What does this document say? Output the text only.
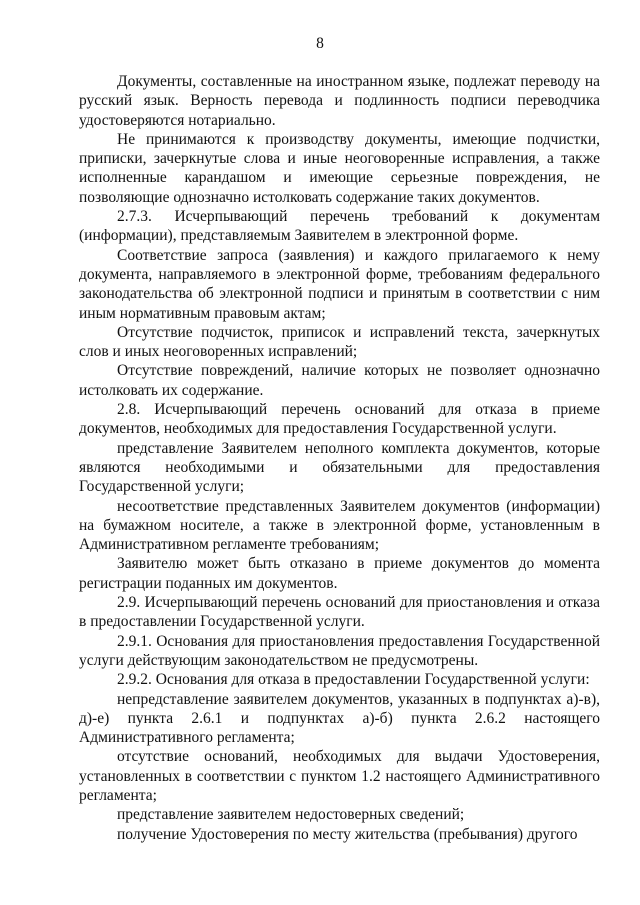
8

Документы, составленные на иностранном языке, подлежат переводу на русский язык. Верность перевода и подлинность подписи переводчика удостоверяются нотариально.

Не принимаются к производству документы, имеющие подчистки, приписки, зачеркнутые слова и иные неоговоренные исправления, а также исполненные карандашом и имеющие серьезные повреждения, не позволяющие однозначно истолковать содержание таких документов.

2.7.3. Исчерпывающий перечень требований к документам (информации), представляемым Заявителем в электронной форме.

Соответствие запроса (заявления) и каждого прилагаемого к нему документа, направляемого в электронной форме, требованиям федерального законодательства об электронной подписи и принятым в соответствии с ним иным нормативным правовым актам;

Отсутствие подчисток, приписок и исправлений текста, зачеркнутых слов и иных неоговоренных исправлений;

Отсутствие повреждений, наличие которых не позволяет однозначно истолковать их содержание.

2.8. Исчерпывающий перечень оснований для отказа в приеме документов, необходимых для предоставления Государственной услуги.

представление Заявителем неполного комплекта документов, которые являются необходимыми и обязательными для предоставления Государственной услуги;

несоответствие представленных Заявителем документов (информации) на бумажном носителе, а также в электронной форме, установленным в Административном регламенте требованиям;

Заявителю может быть отказано в приеме документов до момента регистрации поданных им документов.

2.9. Исчерпывающий перечень оснований для приостановления и отказа в предоставлении Государственной услуги.

2.9.1. Основания для приостановления предоставления Государственной услуги действующим законодательством не предусмотрены.

2.9.2. Основания для отказа в предоставлении Государственной услуги:

непредставление заявителем документов, указанных в подпунктах а)-в), д)-е) пункта 2.6.1 и подпунктах а)-б) пункта 2.6.2 настоящего Административного регламента;

отсутствие оснований, необходимых для выдачи Удостоверения, установленных в соответствии с пунктом 1.2 настоящего Административного регламента;

представление заявителем недостоверных сведений;

получение Удостоверения по месту жительства (пребывания) другого
